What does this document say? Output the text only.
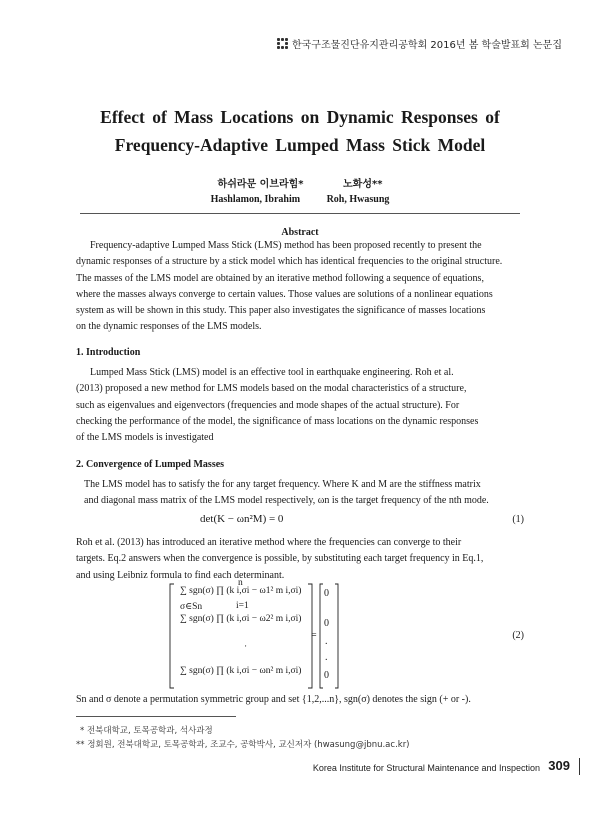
한국구조물진단유지관리공학회 2016년 봄 학술발표회 논문집
Effect of Mass Locations on Dynamic Responses of
Frequency-Adaptive Lumped Mass Stick Model
하쉬라문 이브라힘*	노화성**
Hashlamon, Ibrahim	Roh, Hwasung
Abstract
Frequency-adaptive Lumped Mass Stick (LMS) method has been proposed recently to present the
dynamic responses of a structure by a stick model which has identical frequencies to the original structure.
The masses of the LMS model are obtained by an iterative method following a sequence of equations,
where the masses always converge to certain values. Those values are solutions of a nonlinear equations
system as will be shown in this study. This paper also investigates the significance of masses locations
on the dynamic responses of the LMS models.
1. Introduction
Lumped Mass Stick (LMS) model is an effective tool in earthquake engineering. Roh et al.
(2013) proposed a new method for LMS models based on the modal characteristics of a structure,
such as eigenvalues and eigenvectors (frequencies and mode shapes of the actual structure). For
checking the performance of the model, the significance of mass locations on the dynamic responses
of the LMS models is investigated
2. Convergence of Lumped Masses
The LMS model has to satisfy the for any target frequency. Where K and M are the stiffness matrix
and diagonal mass matrix of the LMS model respectively, ωn is the target frequency of the nth mode.
det(K − ωn²M) = 0	(1)
Roh et al. (2013) has introduced an iterative method where the frequencies can converge to their
targets. Eq.2 answers when the convergence is possible, by substituting each target frequency in Eq.1,
and using Leibniz formula to find each determinant.
∑ sgn(σ) ∏ (k i,σi − ω1² m i,σi)
∑ sgn(σ) ∏ (k i,σi − ω2² m i,σi)
·
∑ sgn(σ) ∏ (k i,σi − ωn² m i,σi)
σ∈Sn	i=1
n
=
0
0
.
.
0
(2)
Sn and σ denote a permutation symmetric group and set {1,2,...n}, sgn(σ) denotes the sign (+ or -).
* 전북대학교, 토목공학과, 석사과정
** 정회원, 전북대학교, 토목공학과, 조교수, 공학박사, 교신저자 (hwasung@jbnu.ac.kr)
Korea Institute for Structural Maintenance and Inspection 309
